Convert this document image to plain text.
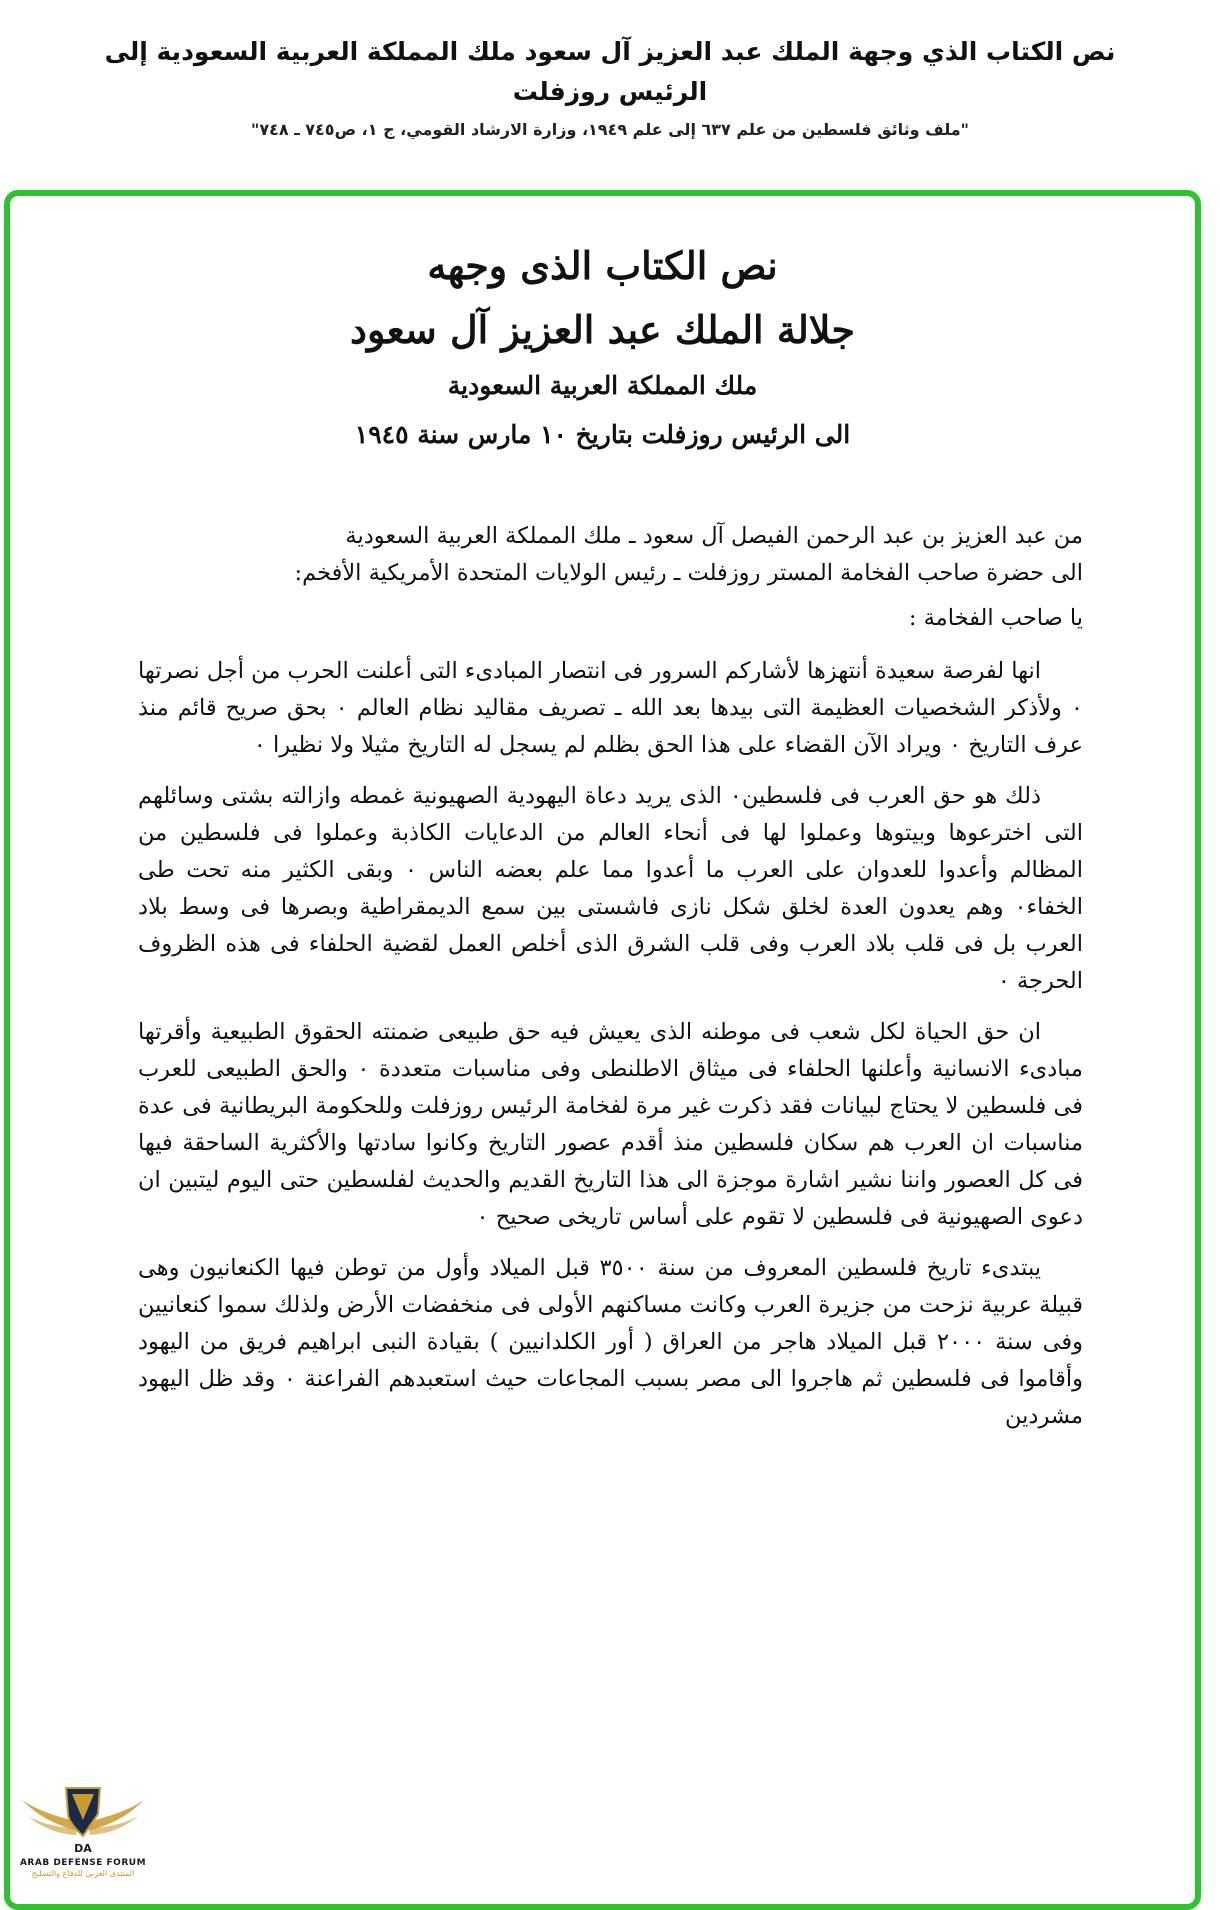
نص الكتاب الذي وجهة الملك عبد العزيز آل سعود ملك المملكة العربية السعودية إلى الرئيس روزفلت
"ملف وثائق فلسطين من علم ٦٣٧ إلى علم ١٩٤٩، وزارة الارشاد القومي، ج ١، ص٧٤٥ ـ ٧٤٨"
نص الكتاب الذى وجهه
جلالة الملك عبد العزيز آل سعود
ملك المملكة العربية السعودية
الى الرئيس روزفلت بتاريخ ١٠ مارس سنة ١٩٤٥

من عبد العزيز بن عبد الرحمن الفيصل آل سعود ـ ملك المملكة العربية السعودية

الى حضرة صاحب الفخامة المستر روزفلت ـ رئيس الولايات المتحدة الأمريكية الأفخم:

يا صاحب الفخامة :

انها لفرصة سعيدة أنتهزها لأشاركم السرور فى انتصار المبادىء التى أعلنت الحرب من أجل نصرتها ۰ ولأذكر الشخصيات العظيمة التى بيدها بعد الله ـ تصريف مقاليد نظام العالم ۰ بحق صريح قائم منذ عرف التاريخ ۰ ويراد الآن القضاء على هذا الحق بظلم لم يسجل له التاريخ مثيلا ولا نظيرا ۰

ذلك هو حق العرب فى فلسطين۰ الذى يريد دعاة اليهودية الصهيونية غمطه وازالته بشتى وسائلهم التى اخترعوها وبيتوها وعملوا لها فى أنحاء العالم من الدعايات الكاذبة وعملوا فى فلسطين من المظالم وأعدوا للعدوان على العرب ما أعدوا مما علم بعضه الناس ۰ وبقى الكثير منه تحت طى الخفاء۰ وهم يعدون العدة لخلق شكل نازى فاشستى بين سمع الديمقراطية وبصرها فى وسط بلاد العرب بل فى قلب بلاد العرب وفى قلب الشرق الذى أخلص العمل لقضية الحلفاء فى هذه الظروف الحرجة ۰

ان حق الحياة لكل شعب فى موطنه الذى يعيش فيه حق طبيعى ضمنته الحقوق الطبيعية وأقرتها مبادىء الانسانية وأعلنها الحلفاء فى ميثاق الاطلنطى وفى مناسبات متعددة ۰ والحق الطبيعى للعرب فى فلسطين لا يحتاج لبيانات فقد ذكرت غير مرة لفخامة الرئيس روزفلت وللحكومة البريطانية فى عدة مناسبات ان العرب هم سكان فلسطين منذ أقدم عصور التاريخ وكانوا سادتها والأكثرية الساحقة فيها فى كل العصور واننا نشير اشارة موجزة الى هذا التاريخ القديم والحديث لفلسطين حتى اليوم ليتبين ان دعوى الصهيونية فى فلسطين لا تقوم على أساس تاريخى صحيح ۰

يبتدىء تاريخ فلسطين المعروف من سنة ٣٥٠٠ قبل الميلاد وأول من توطن فيها الكنعانيون وهى قبيلة عربية نزحت من جزيرة العرب وكانت مساكنهم الأولى فى منخفضات الأرض ولذلك سموا كنعانيين وفى سنة ٢٠٠٠ قبل الميلاد هاجر من العراق ( أور الكلدانيين ) بقيادة النبى ابراهيم فريق من اليهود وأقاموا فى فلسطين ثم هاجروا الى مصر بسبب المجاعات حيث استعبدهم الفراعنة ۰ وقد ظل اليهود مشردين

DA
ARAB DEFENSE FORUM
المنتدى العربي للدفاع والتسليح
